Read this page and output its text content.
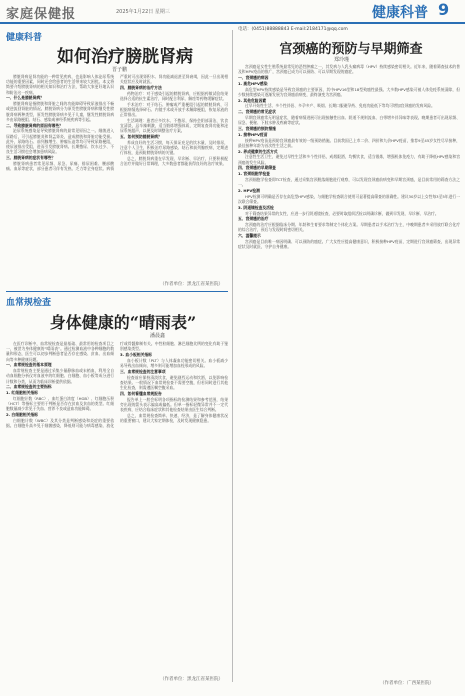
家庭保健报	2025年1月22日 星期三	健康科普 9
电话：(0451)88888843 E-mail:2184171@qq.com
健康科普
如何治疗膀胱肾病
晋子鹏

膀胱肾病是肾功能的一种常见疾病，也是影响人体泌尿系统功能的重要因素，同时还会给患者的生活带来较大困扰。本文将简要介绍膀胱肾病的相关知识和治疗方法，帮助大家更好地认识和防治这一疾病。

一、什么是膀胱肾病？

膀胱肾病是指膀胱和肾脏之间的功能障碍导致尿液排出不畅或逆流回肾脏的情况。膀胱肾病分为原发性膀胱肾病和继发性膀胱肾病两种类型，原发性膀胱肾病多见于儿童，继发性膀胱肾病多由尿路梗阻、结石、感染或神经系统疾病等引起。

二、导致膀胱肾病的原因有哪些？

泌尿系统感染是导致膀胱肾病的最常见原因之一。细菌进入尿路后，可引起膀胱炎和肾盂肾炎，造成膀胱和肾脏功能受损。此外，尿路结石、前列腺增生、肿瘤压迫等均可导致尿路梗阻，使尿液排出受阻，进而引发膀胱肾病。长期憋尿、饮水过少、不良生活习惯也会增加患病风险。

三、膀胱肾病的症状有哪些？

膀胱肾病患者常见尿频、尿急、尿痛、排尿困难、腰部酸痛、血尿等症状，部分患者可伴有发热、乏力等全身症状。病情严重时可出现肾积水、肾功能减退甚至肾衰竭，因此一旦出现相关症状应及时就医。

四、膀胱肾病的治疗方法

药物治疗：对于感染引起的膀胱肾病，应根据药敏试验结果选择合适的抗生素治疗，同时配合利尿、解痉等药物缓解症状。

手术治疗：对于结石、肿瘤或严重梗阻引起的膀胱肾病，可根据病情选择碎石、内镜手术或开放手术解除梗阻，恢复尿液的正常排出。

生活调理：患者应多饮水、不憋尿，保持会阴部清洁，饮食宜清淡，忌辛辣刺激，适当锻炼增强体质，定期复查肾功能和泌尿系统超声，以便及时调整治疗方案。

五、如何预防膀胱肾病？

养成良好的生活习惯，每天保证充足的饮水量，及时排尿，注意个人卫生，积极治疗尿路感染、结石和前列腺疾病，定期进行体检，是预防膀胱肾病的关键。

总之，膀胱肾病重在早发现、早诊断、早治疗，只要积极配合治疗并做好日常调理，大多数患者都能获得良好的治疗效果。

（作者单位：黑龙江省某医院）
血常规检查
身体健康的“晴雨表”
潘晨鑫

在医疗诊断中，血常规检查是最基础、最常用的检查项目之一，被誉为身体健康的“晴雨表”。通过检测血液中各种细胞的数量和形态，医生可以初步判断患者是否存在感染、贫血、出血倾向等多种健康问题。

一、血常规检查的基本原理

血常规检查主要是通过采集少量静脉血或末梢血，利用全自动血细胞分析仪对血液中的红细胞、白细胞、血小板等成分进行计数和分类，从而为临床诊断提供依据。

二、血常规检查的主要指标

1. 红细胞相关指标

红细胞计数（RBC）、血红蛋白浓度（HGB）、红细胞压积（HCT）等指标主要用于判断是否存在贫血及贫血的类型。红细胞数量减少常见于失血、营养不良或造血功能障碍。

2. 白细胞相关指标

白细胞计数（WBC）及其分类是判断感染和炎症的重要依据。白细胞升高多见于细菌感染，降低则可能与病毒感染、放化疗或骨髓抑制有关。中性粒细胞、淋巴细胞比例的变化有助于鉴别感染类型。

3. 血小板相关指标

血小板计数（PLT）与人体凝血功能密切相关。血小板减少易导致出血倾向，增多则可能增加血栓形成的风险。

三、血常规检查的注意事项

检查前应保持清淡饮食，避免剧烈运动和饮酒，以免影响检查结果。一般情况下血常规检查不需要空腹，但若同时进行其他生化检查，则需遵医嘱空腹采血。

四、如何看懂血常规报告

报告单上一般会标明各项指标的检测结果和参考范围，结果旁出现的箭头表示偏高或偏低。但单一指标轻微异常并不一定代表疾病，应结合临床症状和其他检查结果由医生综合判断。

总之，血常规检查简单、快速、经济，是了解身体健康状况的重要窗口，建议大家定期体检，及时发现健康隐患。

（作者单位：黑龙江省某医院）
宫颈癌的预防与早期筛查
郑玲瑾

宫颈癌是女性生殖系统最常见的恶性肿瘤之一，其发病与人乳头瘤病毒（HPV）持续感染密切相关。近年来，随着筛查技术的普及和HPV疫苗的推广，宫颈癌已成为可以预防、可以早期发现的癌症。

一、宫颈癌的病因

1. 高危HPV感染

高危型HPV持续感染是导致宫颈癌的主要原因，其中HPV16型和18型致癌性最强。大多数HPV感染可被人体免疫系统清除，但少数持续感染可逐渐发展为宫颈癌前病变，最终演变为宫颈癌。

2. 其他危险因素

过早开始性生活、多个性伴侣、多孕多产、吸烟、长期口服避孕药、免疫功能低下等均可增加宫颈癌的发病风险。

二、宫颈癌的常见症状

早期宫颈癌常无明显症状，随着病情进展可出现接触性出血、阴道不规则流血、白带增多伴异味等表现。晚期患者可出现尿频、尿急、便秘、下肢水肿及疼痛等症状。

三、宫颈癌的预防措施

1. 接种HPV疫苗

接种HPV疫苗是预防宫颈癌最有效的一级预防措施。目前我国已上市二价、四价和九价HPV疫苗，推荐9至45岁女性尽早接种，最佳接种年龄为首次性生活之前。

2. 养成健康的生活方式

注意性生活卫生，避免过早性生活和多个性伴侣，戒烟限酒，均衡饮食，适当锻炼，增强机体免疫力，有助于降低HPV感染和宫颈癌的发生风险。

四、宫颈癌的早期筛查

1. 宫颈细胞学检查

宫颈细胞学检查即TCT检查，通过采集宫颈脱落细胞进行观察，可以发现宫颈癌前病变和早期宫颈癌，是目前常用的筛查方法之一。

2. HPV检测

HPV检测可明确是否存在高危型HPV感染，与细胞学检查联合使用可显著提高筛查的准确性。建议30岁以上女性每3至5年进行一次联合筛查。

3. 阴道镜检查及活检

对于筛查结果异常的女性，应进一步行阴道镜检查，必要时取组织活检以明确诊断，做到早发现、早诊断、早治疗。

五、宫颈癌的治疗

宫颈癌的治疗应根据临床分期、年龄和生育要求等制定个体化方案。早期患者以手术治疗为主，中晚期患者多采用放疗联合化疗的综合治疗，预后与发现时间密切相关。

六、温馨提示

宫颈癌是目前唯一病因明确、可以预防的癌症。广大女性应提高健康意识，积极接种HPV疫苗，定期进行宫颈癌筛查，出现异常症状及时就医，守护自身健康。

（作者单位：广西某医院）
